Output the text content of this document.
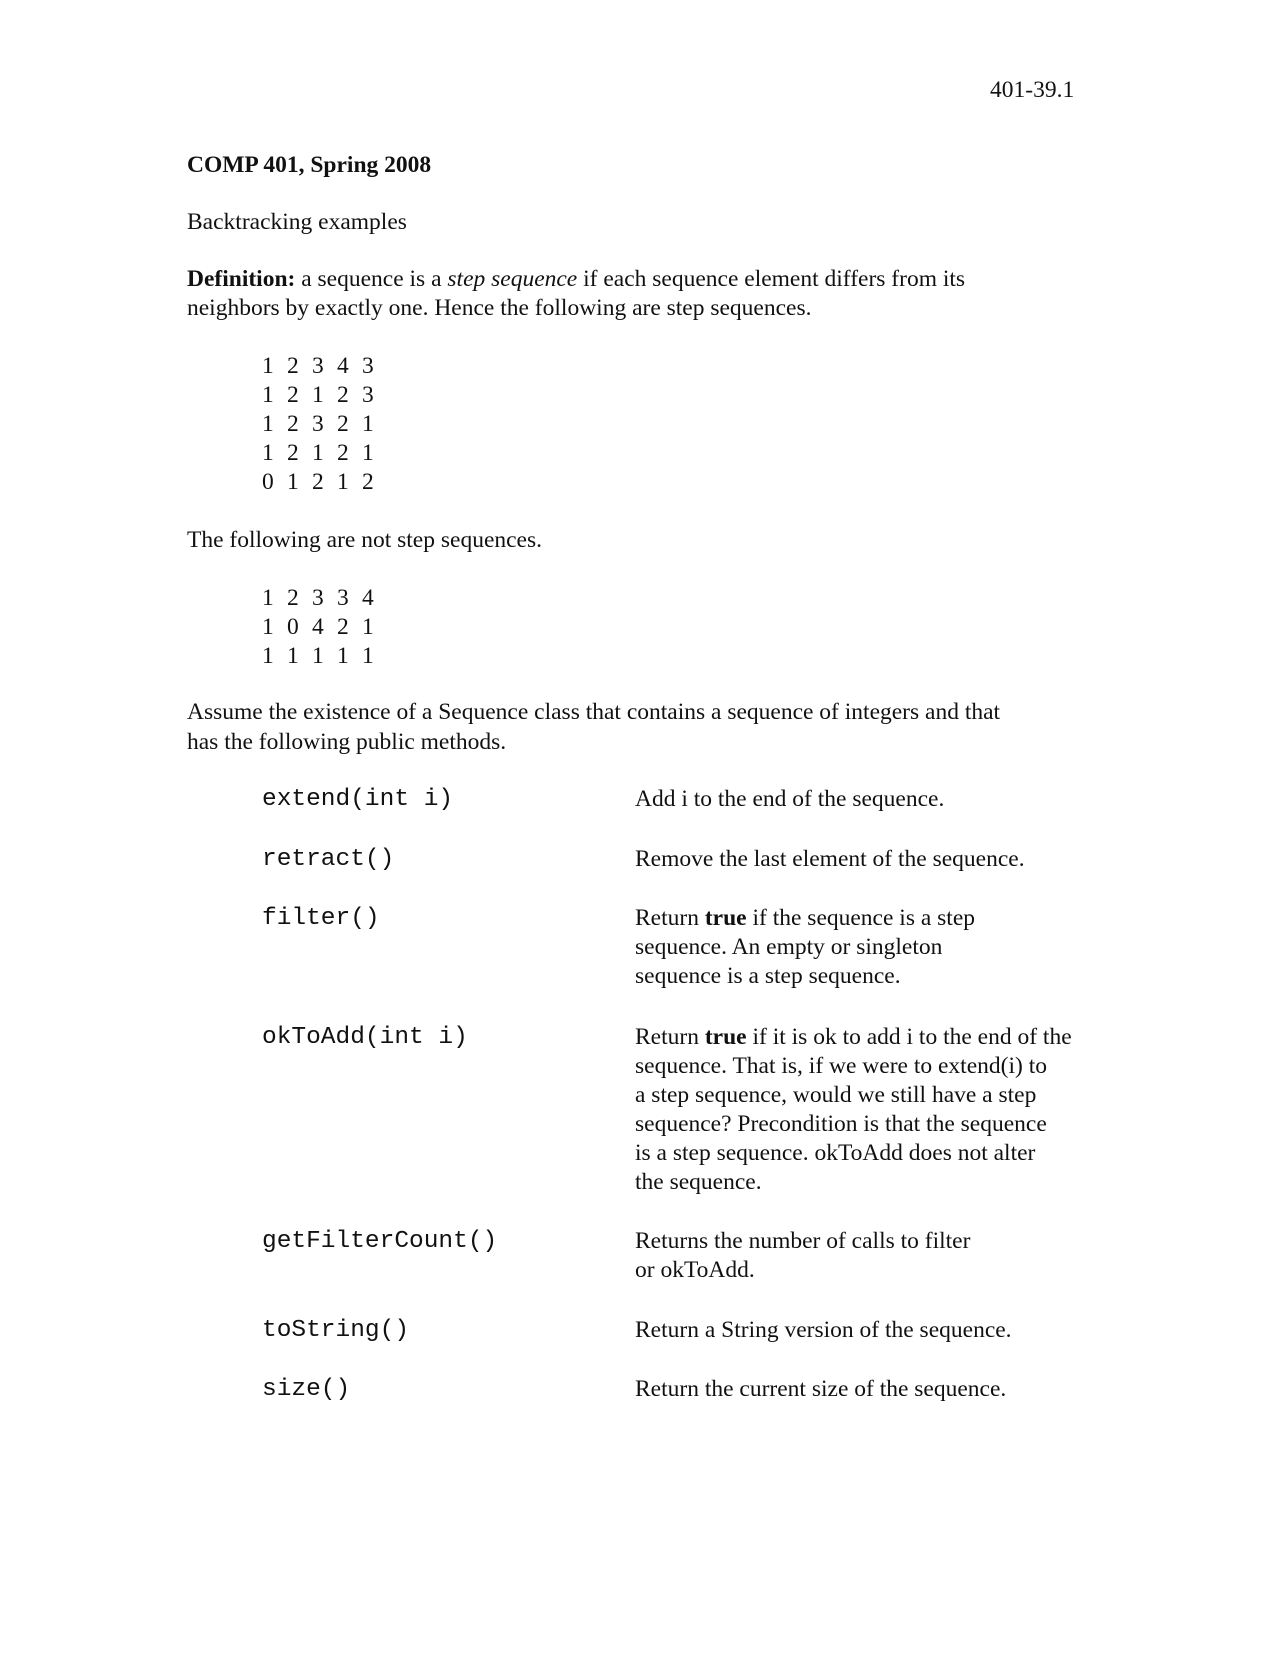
401-39.1
COMP 401, Spring 2008
Backtracking examples
Definition: a sequence is a step sequence if each sequence element differs from its
neighbors by exactly one. Hence the following are step sequences.
1 2 3 4 3
1 2 1 2 3
1 2 3 2 1
1 2 1 2 1
0 1 2 1 2
The following are not step sequences.
1 2 3 3 4
1 0 4 2 1
1 1 1 1 1
Assume the existence of a Sequence class that contains a sequence of integers and that
has the following public methods.
extend(int i)	Add i to the end of the sequence.
retract()	Remove the last element of the sequence.
filter()	Return true if the sequence is a step
sequence. An empty or singleton
sequence is a step sequence.
okToAdd(int i)	Return true if it is ok to add i to the end of the
sequence. That is, if we were to extend(i) to
a step sequence, would we still have a step
sequence? Precondition is that the sequence
is a step sequence. okToAdd does not alter
the sequence.
getFilterCount()	Returns the number of calls to filter
or okToAdd.
toString()	Return a String version of the sequence.
size()	Return the current size of the sequence.
